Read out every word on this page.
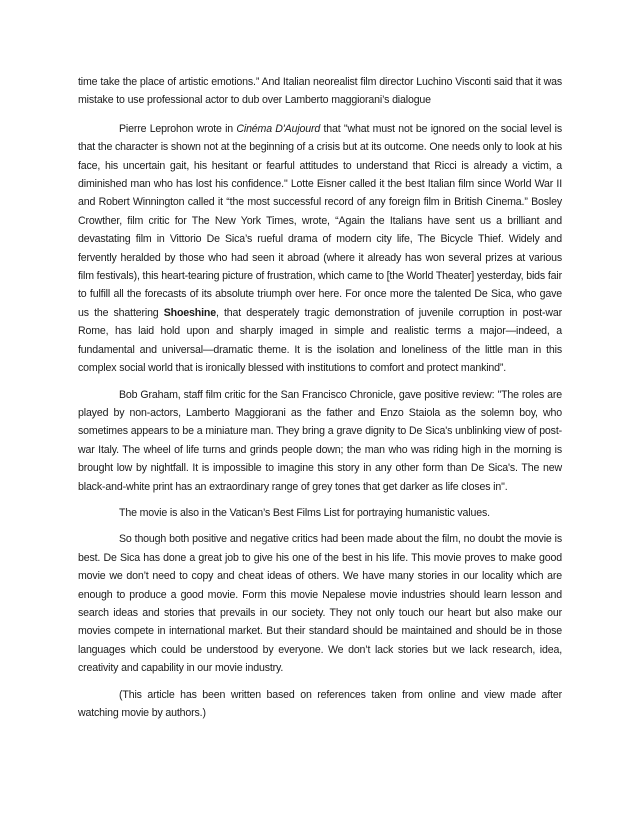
time take the place of artistic emotions.” And Italian neorealist film director Luchino Visconti said that it was mistake to use professional actor to dub over Lamberto maggiorani’s dialogue

Pierre Leprohon wrote in Cinéma D'Aujourd that "what must not be ignored on the social level is that the character is shown not at the beginning of a crisis but at its outcome. One needs only to look at his face, his uncertain gait, his hesitant or fearful attitudes to understand that Ricci is already a victim, a diminished man who has lost his confidence." Lotte Eisner called it the best Italian film since World War II and Robert Winnington called it “the most successful record of any foreign film in British Cinema.” Bosley Crowther, film critic for The New York Times, wrote, “Again the Italians have sent us a brilliant and devastating film in Vittorio De Sica’s rueful drama of modern city life, The Bicycle Thief. Widely and fervently heralded by those who had seen it abroad (where it already has won several prizes at various film festivals), this heart-tearing picture of frustration, which came to [the World Theater] yesterday, bids fair to fulfill all the forecasts of its absolute triumph over here. For once more the talented De Sica, who gave us the shattering Shoeshine, that desperately tragic demonstration of juvenile corruption in post-war Rome, has laid hold upon and sharply imaged in simple and realistic terms a major—indeed, a fundamental and universal—dramatic theme. It is the isolation and loneliness of the little man in this complex social world that is ironically blessed with institutions to comfort and protect mankind”.

Bob Graham, staff film critic for the San Francisco Chronicle, gave positive review: "The roles are played by non-actors, Lamberto Maggiorani as the father and Enzo Staiola as the solemn boy, who sometimes appears to be a miniature man. They bring a grave dignity to De Sica's unblinking view of post-war Italy. The wheel of life turns and grinds people down; the man who was riding high in the morning is brought low by nightfall. It is impossible to imagine this story in any other form than De Sica's. The new black-and-white print has an extraordinary range of grey tones that get darker as life closes in".

The movie is also in the Vatican’s Best Films List for portraying humanistic values.

So though both positive and negative critics had been made about the film, no doubt the movie is best. De Sica has done a great job to give his one of the best in his life. This movie proves to make good movie we don’t need to copy and cheat ideas of others. We have many stories in our locality which are enough to produce a good movie. Form this movie Nepalese movie industries should learn lesson and search ideas and stories that prevails in our society. They not only touch our heart but also make our movies compete in international market. But their standard should be maintained and should be in those languages which could be understood by everyone. We don’t lack stories but we lack research, idea, creativity and capability in our movie industry.

(This article has been written based on references taken from online and view made after watching movie by authors.)
